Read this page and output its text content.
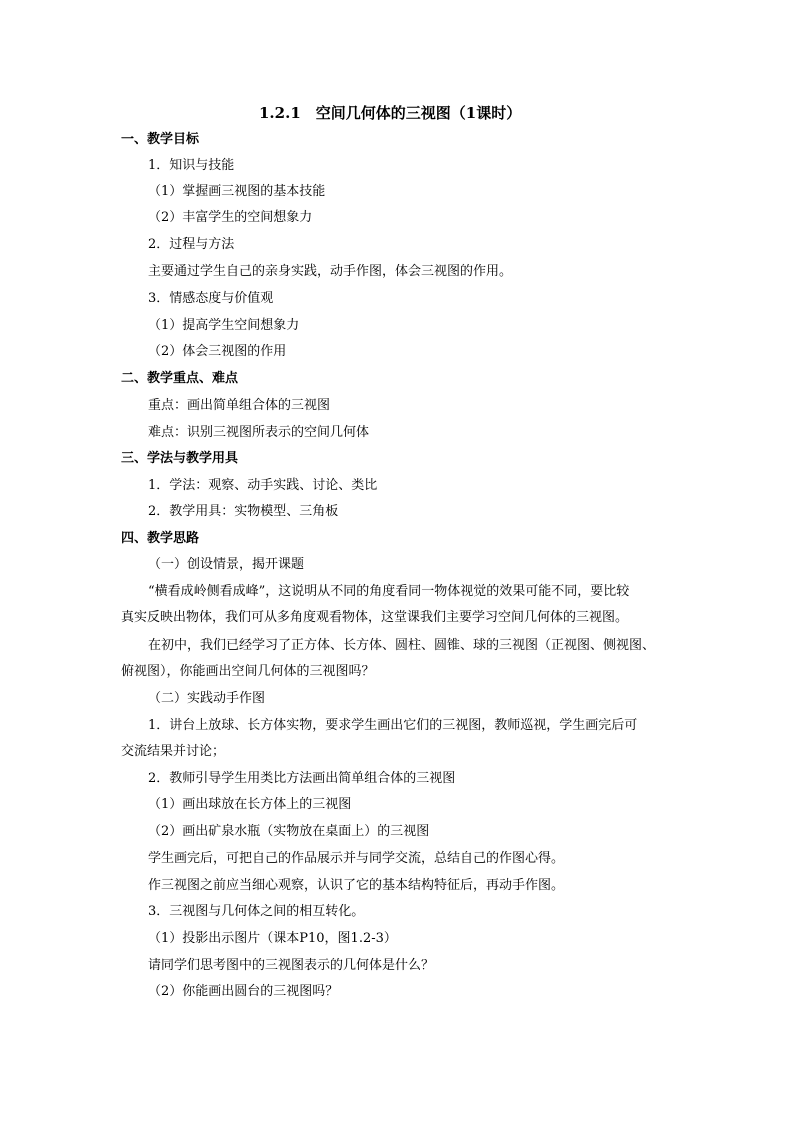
1.2.1　空间几何体的三视图（1课时）
一、教学目标
1．知识与技能
（1）掌握画三视图的基本技能
（2）丰富学生的空间想象力
2．过程与方法
主要通过学生自己的亲身实践，动手作图，体会三视图的作用。
3．情感态度与价值观
（1）提高学生空间想象力
（2）体会三视图的作用
二、教学重点、难点
重点：画出简单组合体的三视图
难点：识别三视图所表示的空间几何体
三、学法与教学用具
1．学法：观察、动手实践、讨论、类比
2．教学用具：实物模型、三角板
四、教学思路
（一）创设情景，揭开课题
“横看成岭侧看成峰”，这说明从不同的角度看同一物体视觉的效果可能不同，要比较
真实反映出物体，我们可从多角度观看物体，这堂课我们主要学习空间几何体的三视图。
在初中，我们已经学习了正方体、长方体、圆柱、圆锥、球的三视图（正视图、侧视图、
俯视图），你能画出空间几何体的三视图吗？
（二）实践动手作图
1．讲台上放球、长方体实物，要求学生画出它们的三视图，教师巡视，学生画完后可
交流结果并讨论；
2．教师引导学生用类比方法画出简单组合体的三视图
（1）画出球放在长方体上的三视图
（2）画出矿泉水瓶（实物放在桌面上）的三视图
学生画完后，可把自己的作品展示并与同学交流，总结自己的作图心得。
作三视图之前应当细心观察，认识了它的基本结构特征后，再动手作图。
3．三视图与几何体之间的相互转化。
（1）投影出示图片（课本P10，图1.2-3）
请同学们思考图中的三视图表示的几何体是什么？
（2）你能画出圆台的三视图吗？
